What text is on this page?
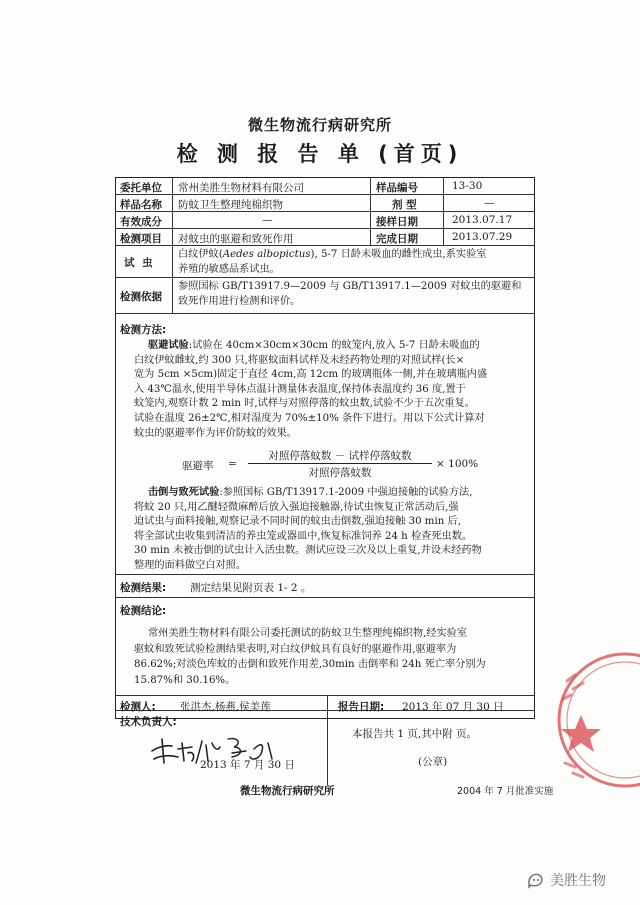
微生物流行病研究所
检 测 报 告 单 (首页)
委托单位 常州美胜生物材料有限公司	样品编号	13-30
样品名称 防蚊卫生整理纯棉织物	剂 型	—
有效成分	—	接样日期	2013.07.17
检测项目 对蚊虫的驱避和致死作用	完成日期	2013.07.29
试 虫
白纹伊蚊(Aedes albopictus), 5-7 日龄未吸血的雌性成虫,系实验室
养殖的敏感品系试虫。
检测依据
参照国标 GB/T13917.9—2009 与 GB/T13917.1—2009 对蚊虫的驱避和
致死作用进行检测和评价。
检测方法:
驱避试验:试验在 40cm×30cm×30cm 的蚊笼内,放入 5-7 日龄未吸血的
白纹伊蚊雌蚊,约 300 只,将驱蚊面料试样及未经药物处理的对照试样(长×
宽为 5cm ×5cm)固定于直径 4cm,高 12cm 的玻璃瓶体一侧,并在玻璃瓶内盛
入 43℃温水,使用半导体点温计测量体表温度,保持体表温度约 36 度,置于
蚊笼内,观察计数 2 min 时,试样与对照停落的蚊虫数,试验不少于五次重复。
试验在温度 26±2℃,相对湿度为 70%±10% 条件下进行。用以下公式计算对
蚊虫的驱避率作为评价防蚊的效果。
驱避率 =
对照停落蚊数 － 试样停落蚊数
对照停落蚊数
× 100%
击倒与致死试验:参照国标 GB/T13917.1-2009 中强迫接触的试验方法,
将蚊 20 只,用乙醚轻微麻醉后放入强迫接触器,待试虫恢复正常活动后,强
迫试虫与面料接触,观察记录不同时间的蚊虫击倒数,强迫接触 30 min 后,
将全部试虫收集到清洁的养虫笼或器皿中,恢复标准饲养 24 h 检查死虫数。
30 min 未被击倒的试虫计入活虫数。测试应设三次及以上重复,并设未经药物
整理的面料做空白对照。
检测结果: 测定结果见附页表 1- 2 。
检测结论:
常州美胜生物材料有限公司委托测试的防蚊卫生整理纯棉织物,经实验室
驱蚊和致死试验检测结果表明,对白纹伊蚊具有良好的驱避作用,驱避率为
86.62%;对淡色库蚊的击倒和致死作用差,30min 击倒率和 24h 死亡率分别为
15.87%和 30.16%。
检测人: 张洪杰,杨燕,侯美莲	报告日期: 2013 年 07 月 30 日
技术负责人:
2013 年 7 月 30 日
本报告共 1 页,其中附 页。
(公章)
微生物流行病研究所	2004 年 7 月批准实施
美胜生物
